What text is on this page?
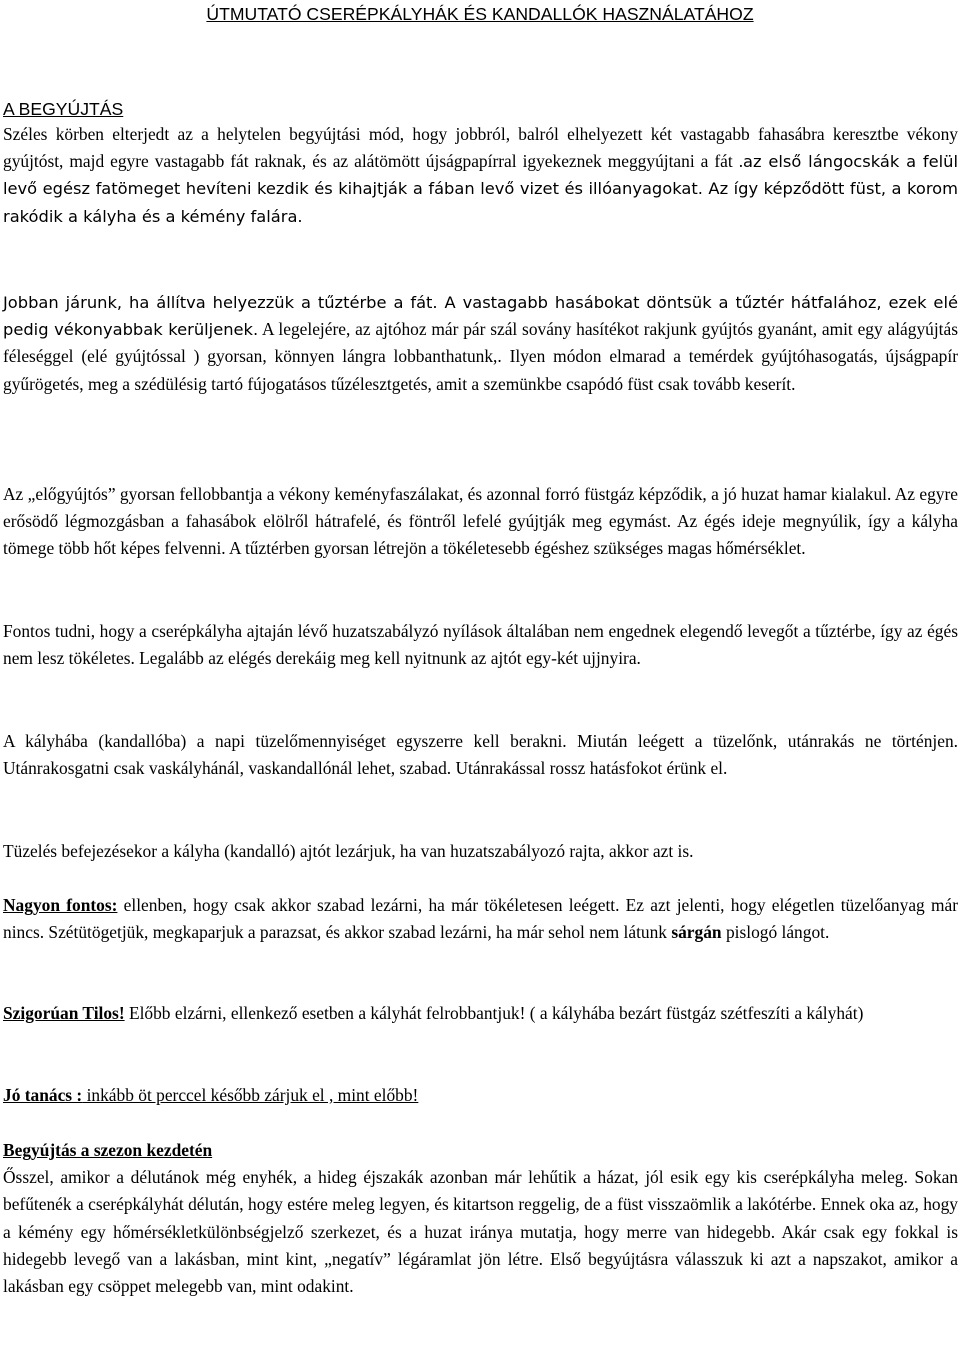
ÚTMUTATÓ CSERÉPKÁLYHÁK ÉS KANDALLÓK HASZNÁLATÁHOZ
A BEGYÚJTÁS

Széles körben elterjedt az a helytelen begyújtási mód, hogy jobbról, balról elhelyezett két vastagabb fahasábra keresztbe vékony gyújtóst, majd egyre vastagabb fát raknak, és az alátömött újságpapírral igyekeznek meggyújtani a fát .az első lángocskák a felül levő egész fatömeget hevíteni kezdik és kihajtják a fában levő vizet és illóanyagokat. Az így képződött füst, a korom rakódik a kályha és a kémény falára.

Jobban járunk, ha állítva helyezzük a tűztérbe a fát. A vastagabb hasábokat döntsük a tűztér hátfalához, ezek elé pedig vékonyabbak kerüljenek. A legelejére, az ajtóhoz már pár szál sovány hasítékot rakjunk gyújtós gyanánt, amit egy alágyújtás féleséggel (elé gyújtóssal ) gyorsan, könnyen lángra lobbanthatunk,. Ilyen módon elmarad a temérdek gyújtóhasogatás, újságpapír gyűrögetés, meg a szédülésig tartó fújogatásos tűzélesztgetés, amit a szemünkbe csapódó füst csak tovább keserít.

Az „előgyújtós” gyorsan fellobbantja a vékony keményfaszálakat, és azonnal forró füstgáz képződik, a jó huzat hamar kialakul. Az egyre erősödő légmozgásban a fahasábok elölről hátrafelé, és föntről lefelé gyújtják meg egymást. Az égés ideje megnyúlik, így a kályha tömege több hőt képes felvenni. A tűztérben gyorsan létrejön a tökéletesebb égéshez szükséges magas hőmérséklet.

Fontos tudni, hogy a cserépkályha ajtaján lévő huzatszabályzó nyílások általában nem engednek elegendő levegőt a tűztérbe, így az égés nem lesz tökéletes. Legalább az elégés derekáig meg kell nyitnunk az ajtót egy-két ujjnyira.

A kályhába (kandallóba) a napi tüzelőmennyiséget egyszerre kell berakni. Miután leégett a tüzelőnk, utánrakás ne történjen. Utánrakosgatni csak vaskályhánál, vaskandallónál lehet, szabad. Utánrakással rossz hatásfokot érünk el.

Tüzelés befejezésekor a kályha (kandalló) ajtót lezárjuk, ha van huzatszabályozó rajta, akkor azt is.

Nagyon fontos: ellenben, hogy csak akkor szabad lezárni, ha már tökéletesen leégett. Ez azt jelenti, hogy elégetlen tüzelőanyag már nincs. Szétütögetjük, megkaparjuk a parazsat, és akkor szabad lezárni, ha már sehol nem látunk sárgán pislogó lángot.

Szigorúan Tilos! Előbb elzárni, ellenkező esetben a kályhát felrobbantjuk! ( a kályhába bezárt füstgáz szétfeszíti a kályhát)

Jó tanács : inkább öt perccel később zárjuk el , mint előbb!

Begyújtás a szezon kezdetén

Ősszel, amikor a délutánok még enyhék, a hideg éjszakák azonban már lehűtik a házat, jól esik egy kis cserépkályha meleg. Sokan befűtenék a cserépkályhát délután, hogy estére meleg legyen, és kitartson reggelig, de a füst visszaömlik a lakótérbe. Ennek oka az, hogy a kémény egy hőmérsékletkülönbségjelző szerkezet, és a huzat iránya mutatja, hogy merre van hidegebb. Akár csak egy fokkal is hidegebb levegő van a lakásban, mint kint, „negatív” légáramlat jön létre. Első begyújtásra válasszuk ki azt a napszakot, amikor a lakásban egy csöppet melegebb van, mint odakint.
